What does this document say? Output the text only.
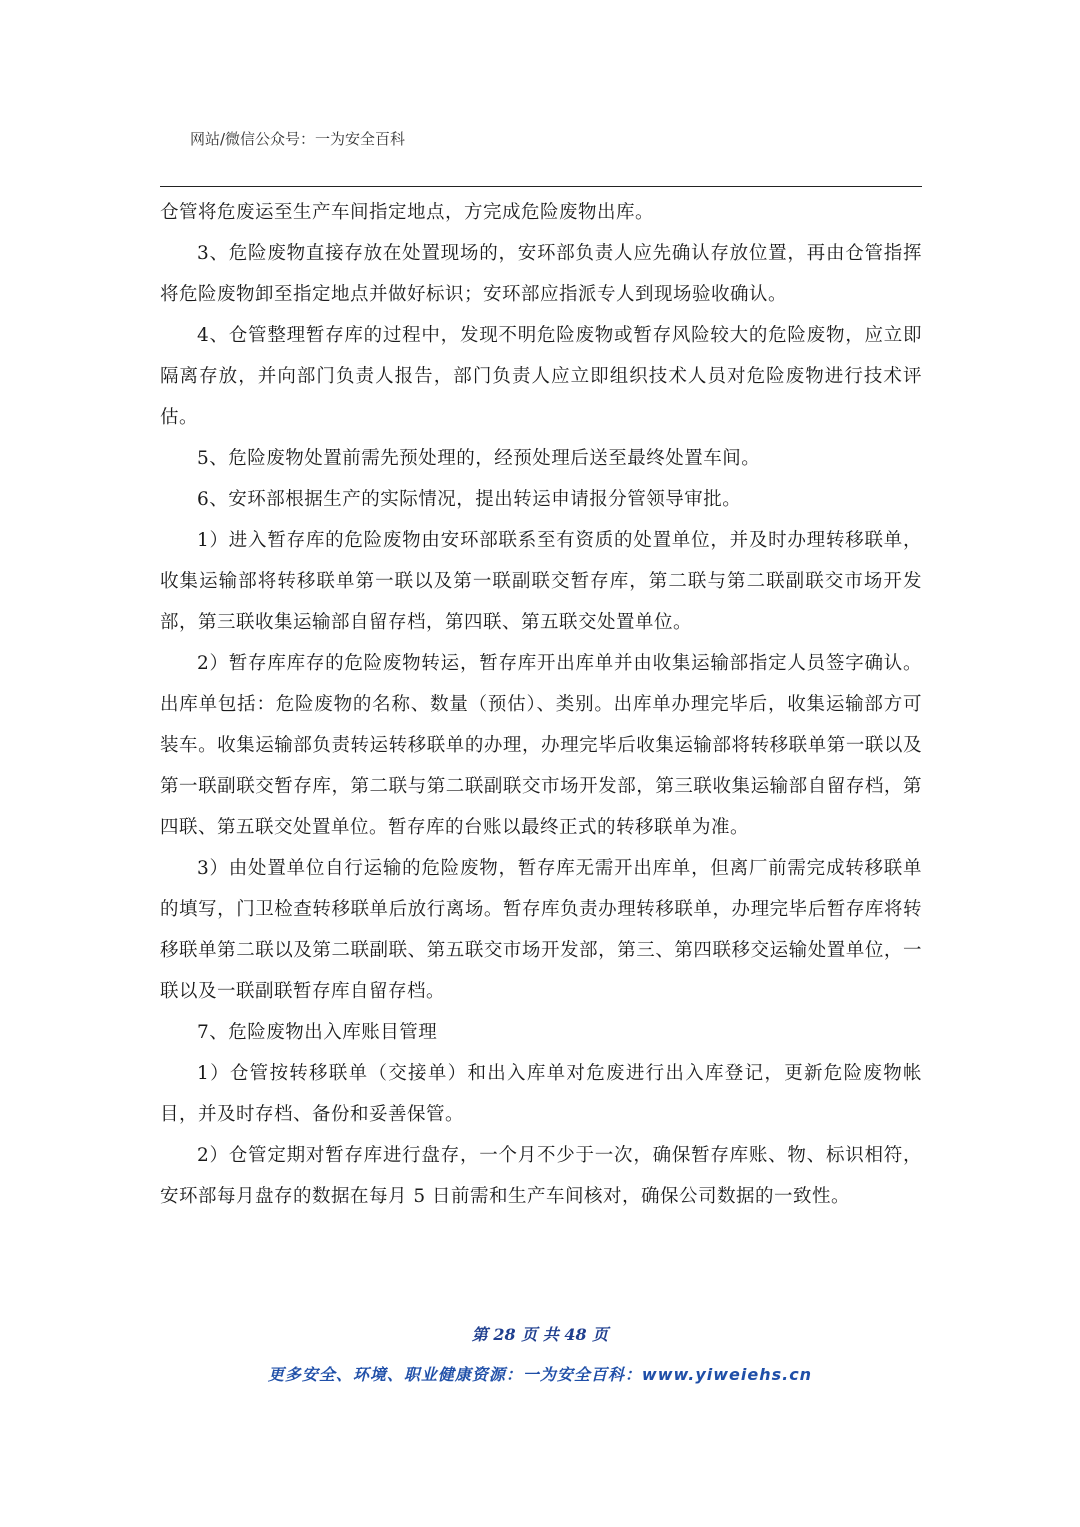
网站/微信公众号：一为安全百科

仓管将危废运至生产车间指定地点，方完成危险废物出库。

3、危险废物直接存放在处置现场的，安环部负责人应先确认存放位置，再由仓管指挥将危险废物卸至指定地点并做好标识；安环部应指派专人到现场验收确认。

4、仓管整理暂存库的过程中，发现不明危险废物或暂存风险较大的危险废物，应立即隔离存放，并向部门负责人报告，部门负责人应立即组织技术人员对危险废物进行技术评估。

5、危险废物处置前需先预处理的，经预处理后送至最终处置车间。

6、安环部根据生产的实际情况，提出转运申请报分管领导审批。

1）进入暂存库的危险废物由安环部联系至有资质的处置单位，并及时办理转移联单，收集运输部将转移联单第一联以及第一联副联交暂存库，第二联与第二联副联交市场开发部，第三联收集运输部自留存档，第四联、第五联交处置单位。

2）暂存库库存的危险废物转运，暂存库开出库单并由收集运输部指定人员签字确认。出库单包括：危险废物的名称、数量（预估）、类别。出库单办理完毕后，收集运输部方可装车。收集运输部负责转运转移联单的办理，办理完毕后收集运输部将转移联单第一联以及第一联副联交暂存库，第二联与第二联副联交市场开发部，第三联收集运输部自留存档，第四联、第五联交处置单位。暂存库的台账以最终正式的转移联单为准。

3）由处置单位自行运输的危险废物，暂存库无需开出库单，但离厂前需完成转移联单的填写，门卫检查转移联单后放行离场。暂存库负责办理转移联单，办理完毕后暂存库将转移联单第二联以及第二联副联、第五联交市场开发部，第三、第四联移交运输处置单位，一联以及一联副联暂存库自留存档。

7、危险废物出入库账目管理

1）仓管按转移联单（交接单）和出入库单对危废进行出入库登记，更新危险废物帐目，并及时存档、备份和妥善保管。

2）仓管定期对暂存库进行盘存，一个月不少于一次，确保暂存库账、物、标识相符，安环部每月盘存的数据在每月 5 日前需和生产车间核对，确保公司数据的一致性。

第 28 页 共 48 页
更多安全、环境、职业健康资源：一为安全百科：www.yiweiehs.cn
